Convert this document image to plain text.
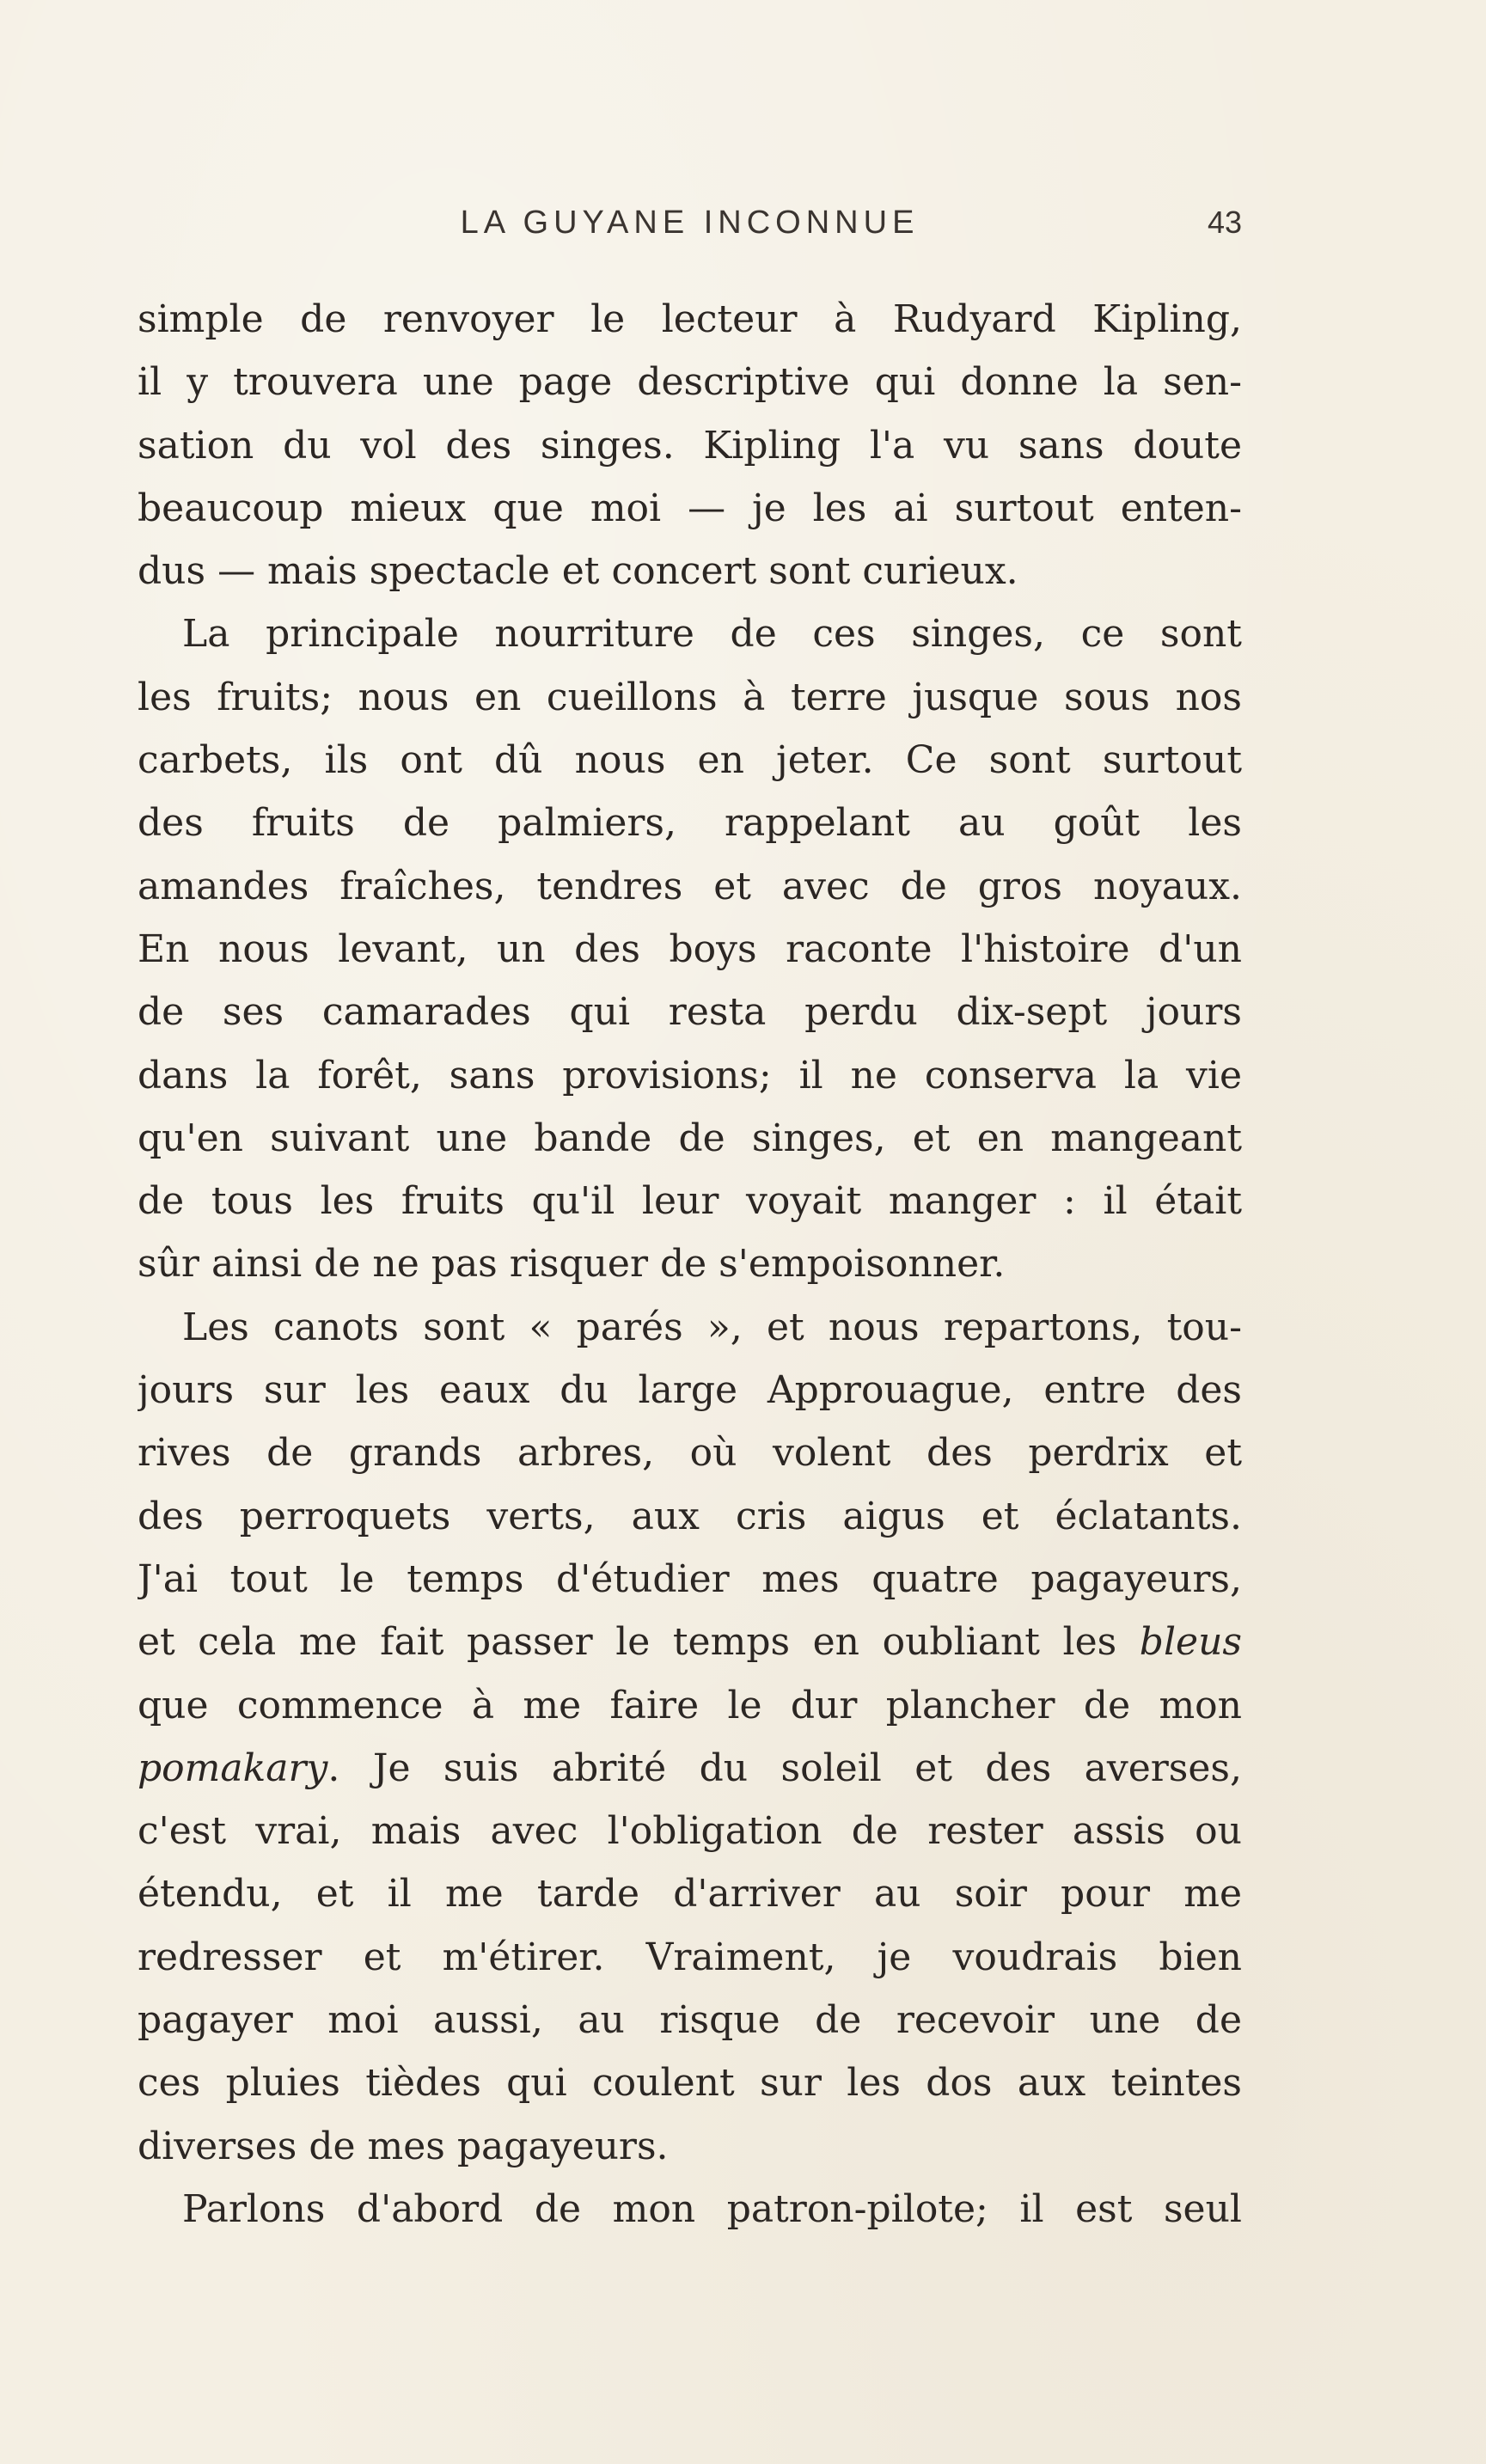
LA GUYANE INCONNUE	43
simple de renvoyer le lecteur à Rudyard Kipling,
il y trouvera une page descriptive qui donne la sen-
sation du vol des singes. Kipling l'a vu sans doute
beaucoup mieux que moi — je les ai surtout enten-
dus — mais spectacle et concert sont curieux.
La principale nourriture de ces singes, ce sont
les fruits; nous en cueillons à terre jusque sous nos
carbets, ils ont dû nous en jeter. Ce sont surtout
des fruits de palmiers, rappelant au goût les
amandes fraîches, tendres et avec de gros noyaux.
En nous levant, un des boys raconte l'histoire d'un
de ses camarades qui resta perdu dix-sept jours
dans la forêt, sans provisions; il ne conserva la vie
qu'en suivant une bande de singes, et en mangeant
de tous les fruits qu'il leur voyait manger : il était
sûr ainsi de ne pas risquer de s'empoisonner.
Les canots sont « parés », et nous repartons, tou-
jours sur les eaux du large Approuague, entre des
rives de grands arbres, où volent des perdrix et
des perroquets verts, aux cris aigus et éclatants.
J'ai tout le temps d'étudier mes quatre pagayeurs,
et cela me fait passer le temps en oubliant les bleus
que commence à me faire le dur plancher de mon
pomakary. Je suis abrité du soleil et des averses,
c'est vrai, mais avec l'obligation de rester assis ou
étendu, et il me tarde d'arriver au soir pour me
redresser et m'étirer. Vraiment, je voudrais bien
pagayer moi aussi, au risque de recevoir une de
ces pluies tièdes qui coulent sur les dos aux teintes
diverses de mes pagayeurs.
Parlons d'abord de mon patron-pilote; il est seul
